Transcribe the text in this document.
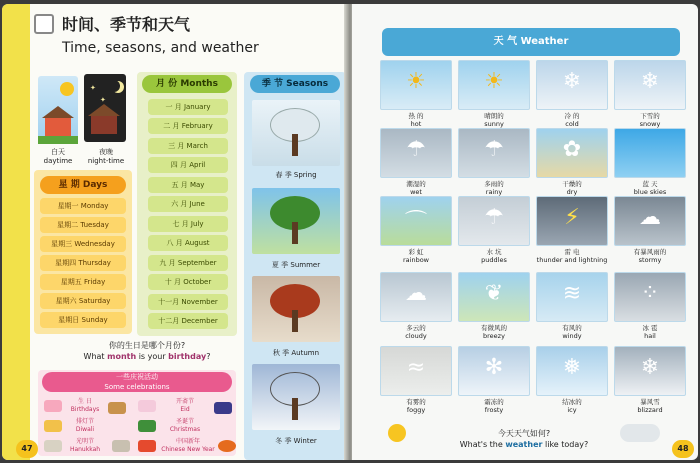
时间、季节和天气
Time, seasons, and weather
✦
✦
白天
daytime
夜晚
night-time
星 期 Days
星期一 Monday
星期二 Tuesday
星期三 Wednesday
星期四 Thursday
星期五 Friday
星期六 Saturday
星期日 Sunday
月 份 Months
一 月 January
二 月 February
三 月 March
四 月 April
五 月 May
六 月 June
七 月 July
八 月 August
九 月 September
十 月 October
十一月 November
十二月 December
季 节 Seasons
春 季 Spring
夏 季 Summer
秋 季 Autumn
冬 季 Winter
你的生日是哪个月份?
What month is your birthday?
一些庆祝活动
Some celebrations
生 日
Birthdays
开斋节
Eid
排灯节
Diwali
圣诞节
Christmas
光明节
Hanukkah
中国新年
Chinese New Year
47
天 气 Weather
☀
热 的
hot
☀
晴朗的
sunny
❄
冷 的
cold
❄
下雪的
snowy
☂
潮湿的
wet
☂
多雨的
rainy
✿
干燥的
dry
蓝 天
blue skies
⌒
彩 虹
rainbow
☂
水 坑
puddles
⚡
雷 电
thunder and lightning
☁
有暴风雨的
stormy
☁
多云的
cloudy
❦
有微风的
breezy
≋
有风的
windy
⁘
冰 雹
hail
≈
有雾的
foggy
✻
霜冻的
frosty
❅
结冰的
icy
❄
暴风雪
blizzard
今天天气如何?
What's the weather like today?	48
